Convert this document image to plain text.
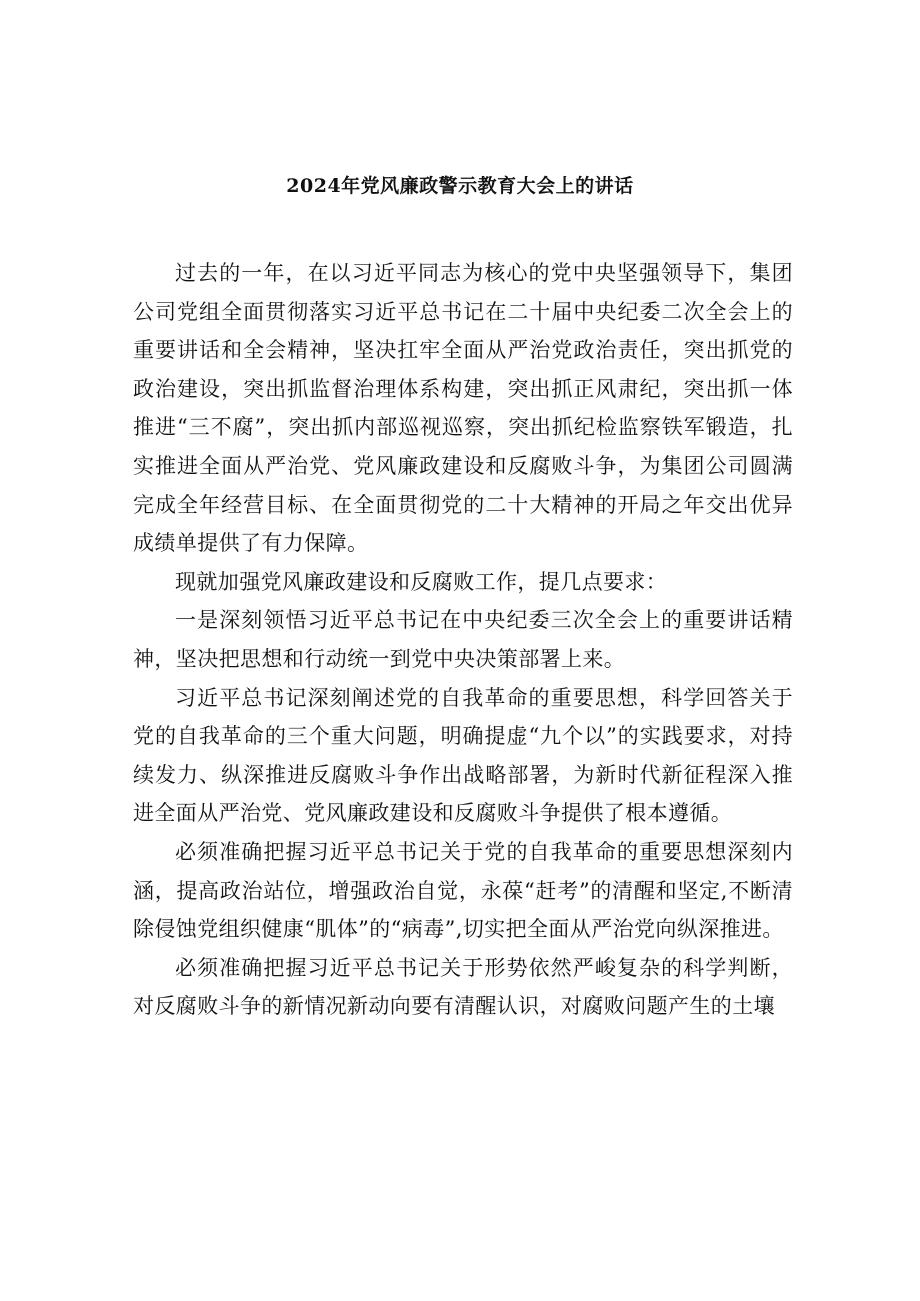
2024年党风廉政警示教育大会上的讲话

过去的一年，在以习近平同志为核心的党中央坚强领导下，集团公司党组全面贯彻落实习近平总书记在二十届中央纪委二次全会上的重要讲话和全会精神，坚决扛牢全面从严治党政治责任，突出抓党的政治建设，突出抓监督治理体系构建，突出抓正风肃纪，突出抓一体推进“三不腐”，突出抓内部巡视巡察，突出抓纪检监察铁军锻造，扎实推进全面从严治党、党风廉政建设和反腐败斗争，为集团公司圆满完成全年经营目标、在全面贯彻党的二十大精神的开局之年交出优异成绩单提供了有力保障。

现就加强党风廉政建设和反腐败工作，提几点要求：

一是深刻领悟习近平总书记在中央纪委三次全会上的重要讲话精神，坚决把思想和行动统一到党中央决策部署上来。

习近平总书记深刻阐述党的自我革命的重要思想，科学回答关于党的自我革命的三个重大问题，明确提虚“九个以”的实践要求，对持续发力、纵深推进反腐败斗争作出战略部署，为新时代新征程深入推进全面从严治党、党风廉政建设和反腐败斗争提供了根本遵循。

必须准确把握习近平总书记关于党的自我革命的重要思想深刻内涵，提高政治站位，增强政治自觉，永葆“赶考”的清醒和坚定,不断清除侵蚀党组织健康“肌体”的“病毒”,切实把全面从严治党向纵深推进。

必须准确把握习近平总书记关于形势依然严峻复杂的科学判断，对反腐败斗争的新情况新动向要有清醒认识，对腐败问题产生的土壤
